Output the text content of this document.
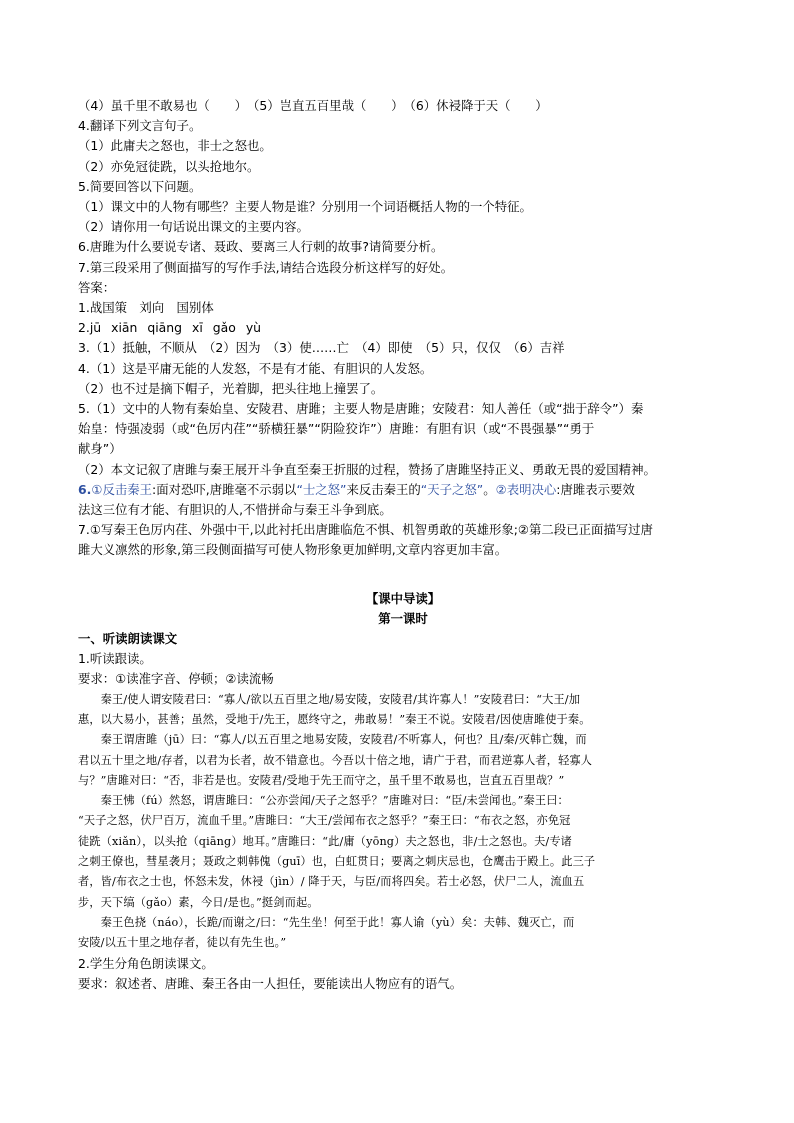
（4）虽千里不敢易也（　　）　（5）岂直五百里哉（　　）　（6）休祲降于天（　　）
4.翻译下列文言句子。
（1）此庸夫之怒也，非士之怒也。
（2）亦免冠徒跣，以头抢地尔。
5.简要回答以下问题。
（1）课文中的人物有哪些？主要人物是谁？分别用一个词语概括人物的一个特征。
（2）请你用一句话说出课文的主要内容。
6.唐雎为什么要说专诸、聂政、要离三人行刺的故事?请简要分析。
7.第三段采用了侧面描写的写作手法,请结合选段分析这样写的好处。
答案：
1.战国策　刘向　国别体
2.jū xiān qiāng xī gǎo yù
3.（1）抵触，不顺从　（2）因为　（3）使……亡　（4）即使　（5）只，仅仅　（6）吉祥
4.（1）这是平庸无能的人发怒，不是有才能、有胆识的人发怒。
（2）也不过是摘下帽子，光着脚，把头往地上撞罢了。
5.（1）文中的人物有秦始皇、安陵君、唐雎；主要人物是唐雎；安陵君：知人善任（或“拙于辞令”）秦
始皇：恃强凌弱（或“色厉内荏”“骄横狂暴”“阴险狡诈”）唐雎：有胆有识（或“不畏强暴”“勇于
献身”）
（2）本文记叙了唐雎与秦王展开斗争直至秦王折服的过程，赞扬了唐雎坚持正义、勇敢无畏的爱国精神。
6.①反击秦王:面对恐吓,唐雎毫不示弱以“士之怒”来反击秦王的“天子之怒”。②表明决心:唐雎表示要效
法这三位有才能、有胆识的人,不惜拼命与秦王斗争到底。
7.①写秦王色厉内荏、外强中干,以此衬托出唐雎临危不惧、机智勇敢的英雄形象;②第二段已正面描写过唐
雎大义凛然的形象,第三段侧面描写可使人物形象更加鲜明,文章内容更加丰富。
【课中导读】
第一课时
一、听读朗读课文
1.听读跟读。
要求：①读准字音、停顿；②读流畅
　　秦王/使人谓安陵君曰：“寡人/欲以五百里之地/易安陵，安陵君/其许寡人！”安陵君曰：“大王/加
惠，以大易小，甚善；虽然，受地于/先王，愿终守之，弗敢易！”秦王不说。安陵君/因使唐雎使于秦。
　　秦王谓唐雎（jū）曰：“寡人/以五百里之地易安陵，安陵君/不听寡人，何也？且/秦/灭韩亡魏，而
君以五十里之地/存者，以君为长者，故不错意也。今吾以十倍之地，请广于君，而君逆寡人者，轻寡人
与？”唐雎对曰：“否，非若是也。安陵君/受地于先王而守之，虽千里不敢易也，岂直五百里哉？”
　　秦王怫（fú）然怒，谓唐雎曰：“公亦尝闻/天子之怒乎？”唐雎对曰：“臣/未尝闻也。”秦王曰：
“天子之怒，伏尸百万，流血千里。”唐雎曰：“大王/尝闻布衣之怒乎？”秦王曰：“布衣之怒，亦免冠
徒跣（xiǎn），以头抢（qiāng）地耳。”唐雎曰：“此/庸（yōng）夫之怒也，非/士之怒也。夫/专诸
之刺王僚也，彗星袭月；聂政之刺韩傀（guī）也，白虹贯日；要离之刺庆忌也，仓鹰击于殿上。此三子
者，皆/布衣之士也，怀怒未发，休祲（jìn）/ 降于天，与臣/而将四矣。若士必怒，伏尸二人，流血五
步，天下缟（gǎo）素，今日/是也。”挺剑而起。
　　秦王色挠（náo），长跪/而谢之/曰：“先生坐！何至于此！寡人谕（yù）矣：夫韩、魏灭亡，而
安陵/以五十里之地存者，徒以有先生也。”
2.学生分角色朗读课文。
要求：叙述者、唐雎、秦王各由一人担任，要能读出人物应有的语气。
